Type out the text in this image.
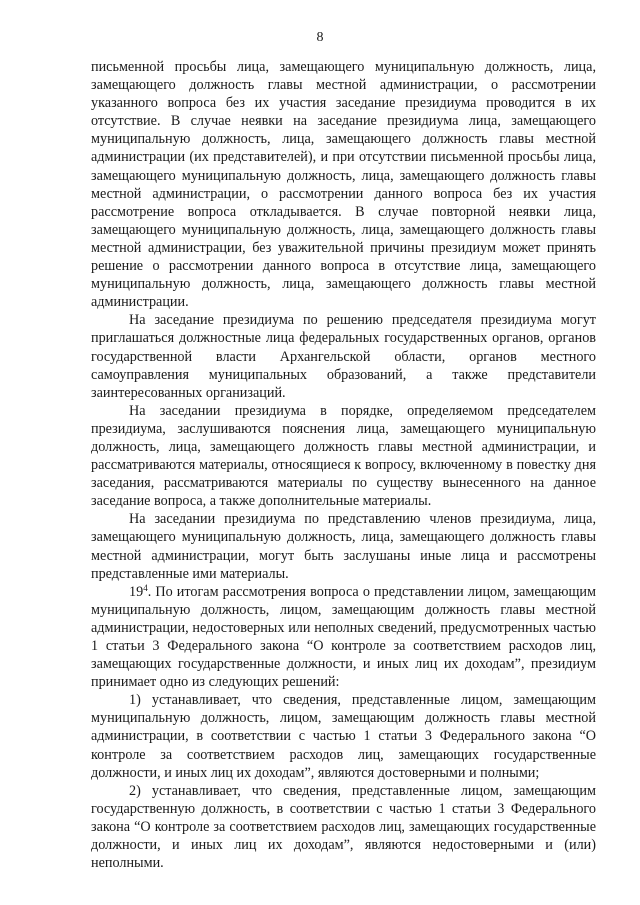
8

письменной просьбы лица, замещающего муниципальную должность, лица, замещающего должность главы местной администрации, о рассмотрении указанного вопроса без их участия заседание президиума проводится в их отсутствие. В случае неявки на заседание президиума лица, замещающего муниципальную должность, лица, замещающего должность главы местной администрации (их представителей), и при отсутствии письменной просьбы лица, замещающего муниципальную должность, лица, замещающего должность главы местной администрации, о рассмотрении данного вопроса без их участия рассмотрение вопроса откладывается. В случае повторной неявки лица, замещающего муниципальную должность, лица, замещающего должность главы местной администрации, без уважительной причины президиум может принять решение о рассмотрении данного вопроса в отсутствие лица, замещающего муниципальную должность, лица, замещающего должность главы местной администрации.

На заседание президиума по решению председателя президиума могут приглашаться должностные лица федеральных государственных органов, органов государственной власти Архангельской области, органов местного самоуправления муниципальных образований, а также представители заинтересованных организаций.

На заседании президиума в порядке, определяемом председателем президиума, заслушиваются пояснения лица, замещающего муниципальную должность, лица, замещающего должность главы местной администрации, и рассматриваются материалы, относящиеся к вопросу, включенному в повестку дня заседания, рассматриваются материалы по существу вынесенного на данное заседание вопроса, а также дополнительные материалы.

На заседании президиума по представлению членов президиума, лица, замещающего муниципальную должность, лица, замещающего должность главы местной администрации, могут быть заслушаны иные лица и рассмотрены представленные ими материалы.

$19^4$. По итогам рассмотрения вопроса о представлении лицом, замещающим муниципальную должность, лицом, замещающим должность главы местной администрации, недостоверных или неполных сведений, предусмотренных частью 1 статьи 3 Федерального закона “О контроле за соответствием расходов лиц, замещающих государственные должности, и иных лиц их доходам”, президиум принимает одно из следующих решений:

1) устанавливает, что сведения, представленные лицом, замещающим муниципальную должность, лицом, замещающим должность главы местной администрации, в соответствии с частью 1 статьи 3 Федерального закона “О контроле за соответствием расходов лиц, замещающих государственные должности, и иных лиц их доходам”, являются достоверными и полными;

2) устанавливает, что сведения, представленные лицом, замещающим государственную должность, в соответствии с частью 1 статьи 3 Федерального закона “О контроле за соответствием расходов лиц, замещающих государственные должности, и иных лиц их доходам”, являются недостоверными и (или) неполными.
